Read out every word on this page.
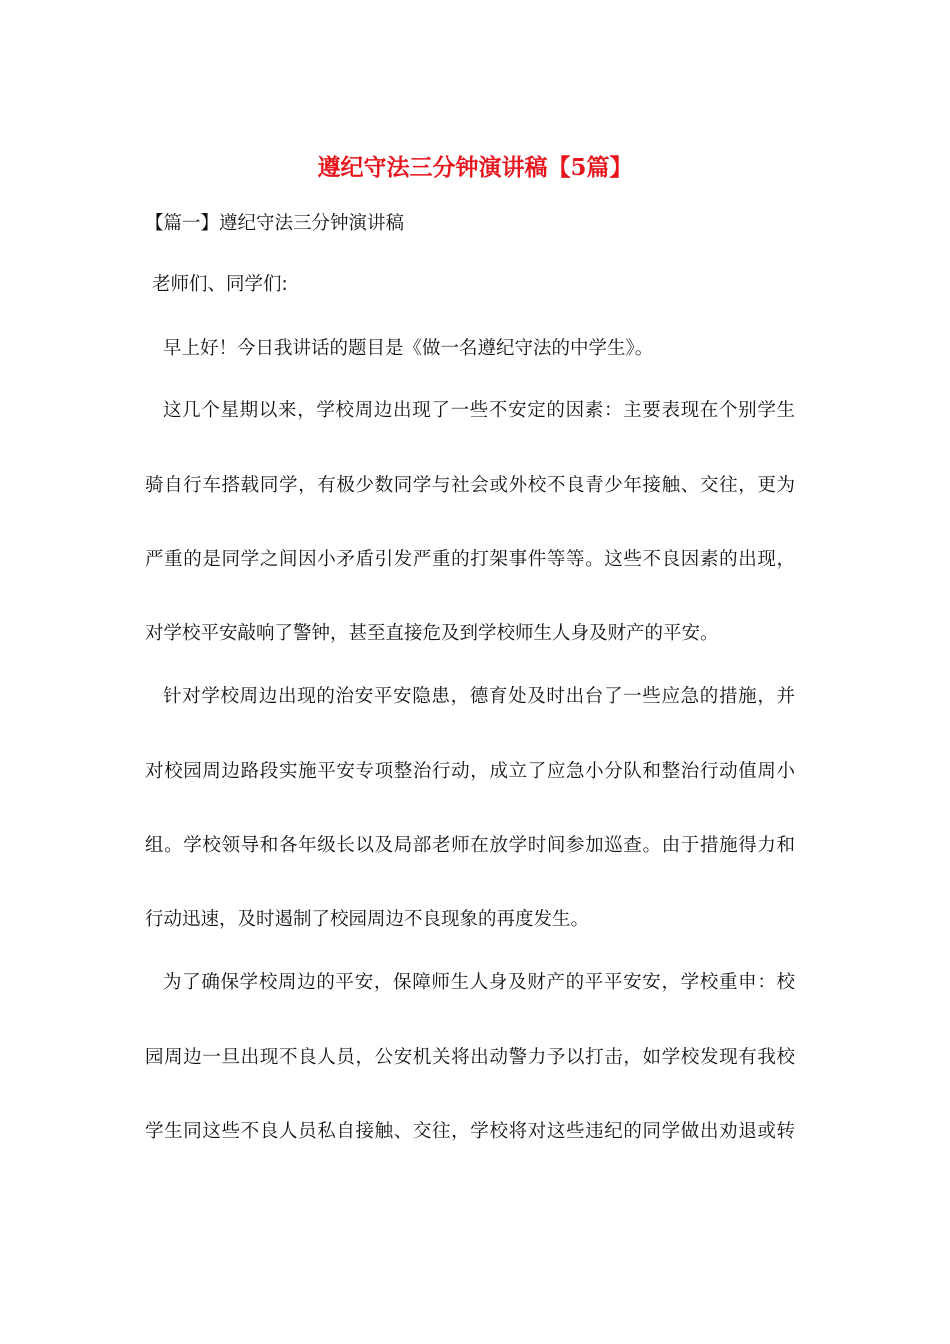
遵纪守法三分钟演讲稿【5篇】
【篇一】遵纪守法三分钟演讲稿
老师们、同学们:
早上好！今日我讲话的题目是《做一名遵纪守法的中学生》。
这几个星期以来，学校周边出现了一些不安定的因素：主要表现在个别学生
骑自行车搭载同学，有极少数同学与社会或外校不良青少年接触、交往，更为
严重的是同学之间因小矛盾引发严重的打架事件等等。这些不良因素的出现，
对学校平安敲响了警钟，甚至直接危及到学校师生人身及财产的平安。
针对学校周边出现的治安平安隐患，德育处及时出台了一些应急的措施，并
对校园周边路段实施平安专项整治行动，成立了应急小分队和整治行动值周小
组。学校领导和各年级长以及局部老师在放学时间参加巡查。由于措施得力和
行动迅速，及时遏制了校园周边不良现象的再度发生。
为了确保学校周边的平安，保障师生人身及财产的平平安安，学校重申：校
园周边一旦出现不良人员，公安机关将出动警力予以打击，如学校发现有我校
学生同这些不良人员私自接触、交往，学校将对这些违纪的同学做出劝退或转
